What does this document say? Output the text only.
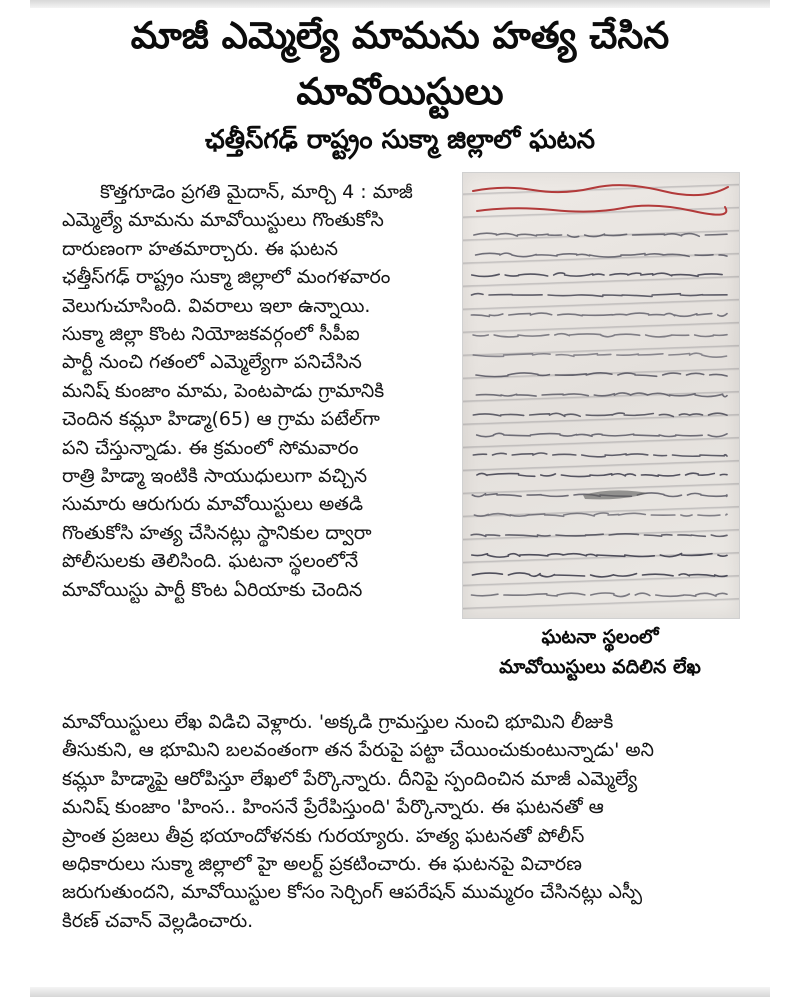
మాజీ ఎమ్మెల్యే మామను హత్య చేసిన
మావోయిస్టులు
ఛత్తీస్‌గఢ్ రాష్ట్రం సుక్మా జిల్లాలో ఘటన
కొత్తగూడెం ప్రగతి మైదాన్, మార్చి 4 : మాజీ
ఎమ్మెల్యే మామను మావోయిస్టులు గొంతుకోసి
దారుణంగా హతమార్చారు. ఈ ఘటన
ఛత్తీస్‌గఢ్ రాష్ట్రం సుక్మా జిల్లాలో మంగళవారం
వెలుగుచూసింది. వివరాలు ఇలా ఉన్నాయి.
సుక్మా జిల్లా కొంట నియోజకవర్గంలో సీపీఐ
పార్టీ నుంచి గతంలో ఎమ్మెల్యేగా పనిచేసిన
మనిష్ కుంజాం మామ, పెంటపాడు గ్రామానికి
చెందిన కమ్లూ హిడ్మా(65) ఆ గ్రామ పటేల్‌గా
పని చేస్తున్నాడు. ఈ క్రమంలో సోమవారం
రాత్రి హిడ్మా ఇంటికి సాయుధులుగా వచ్చిన
సుమారు ఆరుగురు మావోయిస్టులు అతడి
గొంతుకోసి హత్య చేసినట్లు స్థానికుల ద్వారా
పోలీసులకు తెలిసింది. ఘటనా స్థలంలోనే
మావోయిస్టు పార్టీ కొంట ఏరియాకు చెందిన
ఘటనా స్థలంలో
మావోయిస్టులు వదిలిన లేఖ
మావోయిస్టులు లేఖ విడిచి వెళ్లారు. 'అక్కడి గ్రామస్తుల నుంచి భూమిని లీజుకి
తీసుకుని, ఆ భూమిని బలవంతంగా తన పేరుపై పట్టా చేయించుకుంటున్నాడు' అని
కమ్లూ హిడ్మాపై ఆరోపిస్తూ లేఖలో పేర్కొన్నారు. దీనిపై స్పందించిన మాజీ ఎమ్మెల్యే
మనిష్ కుంజాం 'హింస.. హింసనే ప్రేరేపిస్తుంది' పేర్కొన్నారు. ఈ ఘటనతో ఆ
ప్రాంత ప్రజలు తీవ్ర భయాందోళనకు గురయ్యారు. హత్య ఘటనతో పోలీస్
అధికారులు సుక్మా జిల్లాలో హై అలర్ట్ ప్రకటించారు. ఈ ఘటనపై విచారణ
జరుగుతుందని, మావోయిస్టుల కోసం సెర్చింగ్ ఆపరేషన్ ముమ్మరం చేసినట్లు ఎస్పీ
కిరణ్ చవాన్ వెల్లడించారు.
